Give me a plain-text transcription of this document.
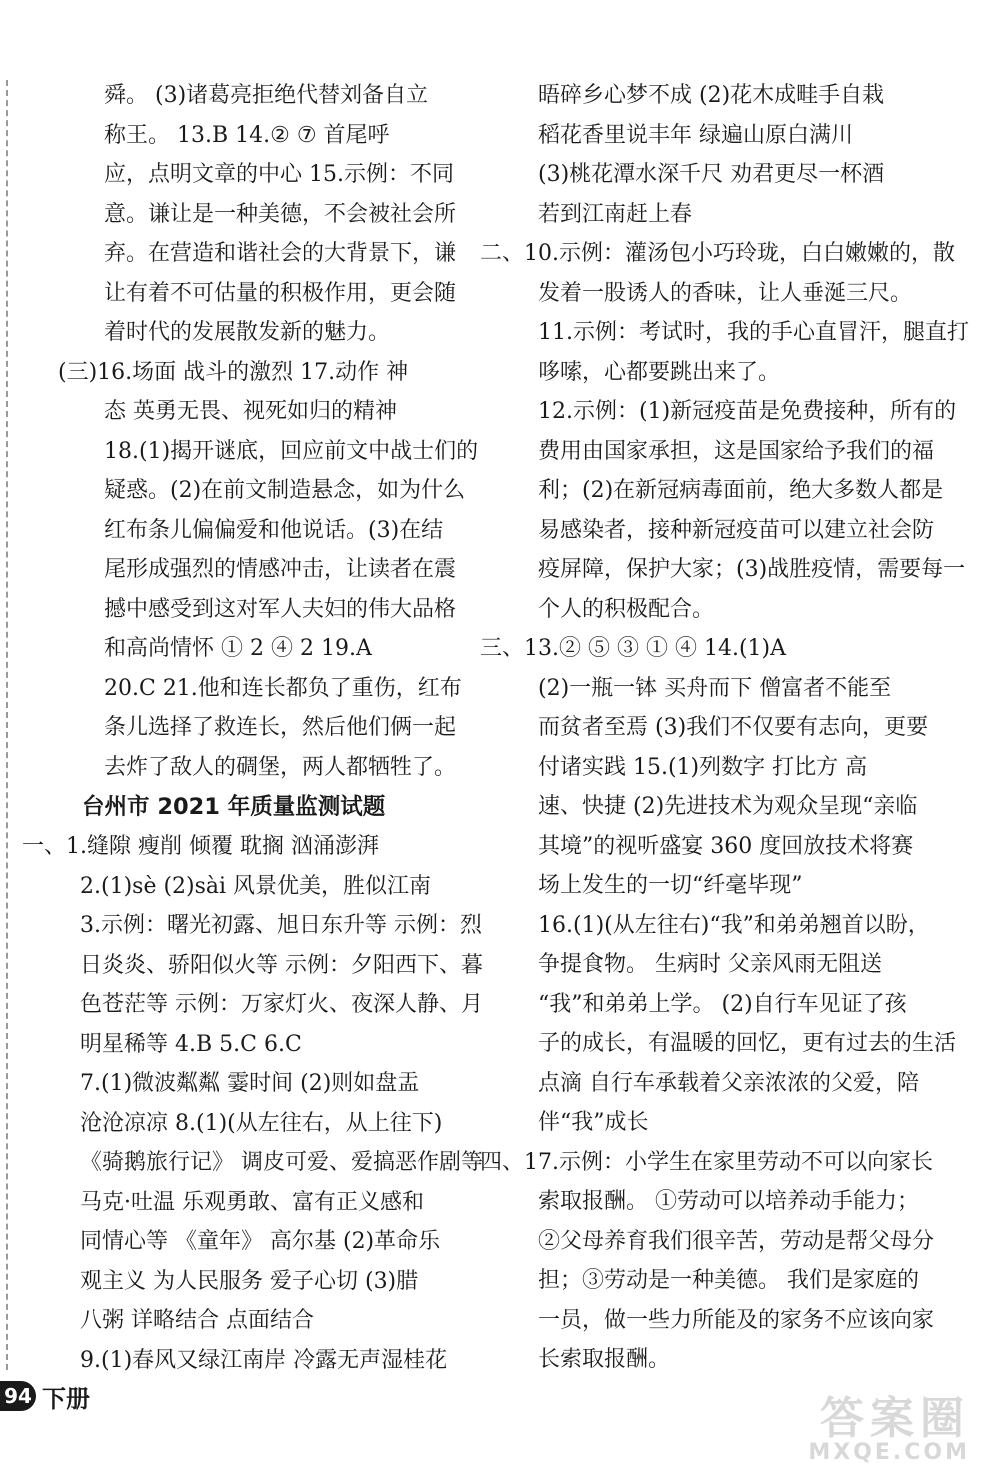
舜。 (3)诸葛亮拒绝代替刘备自立
称王。 13.B 14.② ⑦ 首尾呼
应，点明文章的中心 15.示例：不同
意。谦让是一种美德，不会被社会所
弃。在营造和谐社会的大背景下，谦
让有着不可估量的积极作用，更会随
着时代的发展散发新的魅力。
(三)16.场面 战斗的激烈 17.动作 神
态 英勇无畏、视死如归的精神
18.(1)揭开谜底，回应前文中战士们的
疑惑。(2)在前文制造悬念，如为什么
红布条儿偏偏爱和他说话。(3)在结
尾形成强烈的情感冲击，让读者在震
撼中感受到这对军人夫妇的伟大品格
和高尚情怀 ① 2 ④ 2 19.A
20.C 21.他和连长都负了重伤，红布
条儿选择了救连长，然后他们俩一起
去炸了敌人的碉堡，两人都牺牲了。
台州市 2021 年质量监测试题
一、1.缝隙 瘦削 倾覆 耽搁 汹涌澎湃
2.(1)sè (2)sài 风景优美，胜似江南
3.示例：曙光初露、旭日东升等 示例：烈
日炎炎、骄阳似火等 示例：夕阳西下、暮
色苍茫等 示例：万家灯火、夜深人静、月
明星稀等 4.B 5.C 6.C
7.(1)微波粼粼 霎时间 (2)则如盘盂
沧沧凉凉 8.(1)(从左往右，从上往下)
《骑鹅旅行记》 调皮可爱、爱搞恶作剧等
马克·吐温 乐观勇敢、富有正义感和
同情心等 《童年》 高尔基 (2)革命乐
观主义 为人民服务 爱子心切 (3)腊
八粥 详略结合 点面结合
9.(1)春风又绿江南岸 冷露无声湿桂花
晤碎乡心梦不成 (2)花木成畦手自栽
稻花香里说丰年 绿遍山原白满川
(3)桃花潭水深千尺 劝君更尽一杯酒
若到江南赶上春
二、10.示例：灌汤包小巧玲珑，白白嫩嫩的，散
发着一股诱人的香味，让人垂涎三尺。
11.示例：考试时，我的手心直冒汗，腿直打
哆嗦，心都要跳出来了。
12.示例：(1)新冠疫苗是免费接种，所有的
费用由国家承担，这是国家给予我们的福
利；(2)在新冠病毒面前，绝大多数人都是
易感染者，接种新冠疫苗可以建立社会防
疫屏障，保护大家；(3)战胜疫情，需要每一
个人的积极配合。
三、13.② ⑤ ③ ① ④ 14.(1)A
(2)一瓶一钵 买舟而下 僧富者不能至
而贫者至焉 (3)我们不仅要有志向，更要
付诸实践 15.(1)列数字 打比方 高
速、快捷 (2)先进技术为观众呈现“亲临
其境”的视听盛宴 360 度回放技术将赛
场上发生的一切“纤毫毕现”
16.(1)(从左往右)“我”和弟弟翘首以盼，
争提食物。 生病时 父亲风雨无阻送
“我”和弟弟上学。 (2)自行车见证了孩
子的成长，有温暖的回忆，更有过去的生活
点滴 自行车承载着父亲浓浓的父爱，陪
伴“我”成长
四、17.示例：小学生在家里劳动不可以向家长
索取报酬。 ①劳动可以培养动手能力；
②父母养育我们很辛苦，劳动是帮父母分
担；③劳动是一种美德。 我们是家庭的
一员，做一些力所能及的家务不应该向家
长索取报酬。
94 下册	答案圈
MXQE.COM
